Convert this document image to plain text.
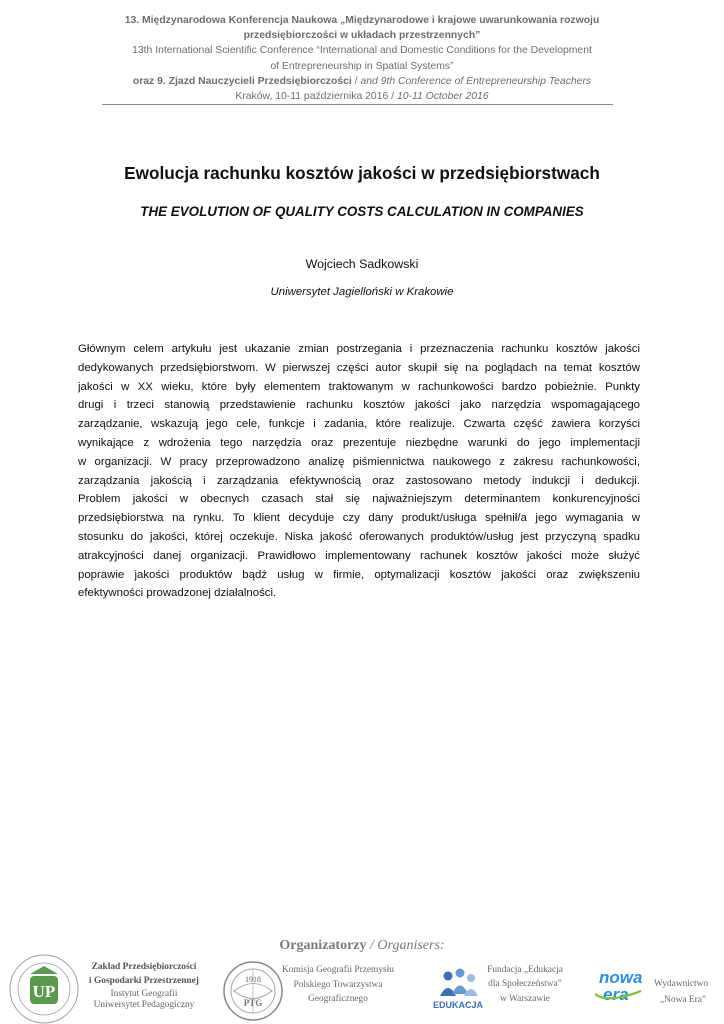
13. Międzynarodowa Konferencja Naukowa „Międzynarodowe i krajowe uwarunkowania rozwoju
przedsiębiorczości w układach przestrzennych”
13th International Scientific Conference “International and Domestic Conditions for the Development
of Entrepreneurship in Spatial Systems”
oraz 9. Zjazd Nauczycieli Przedsiębiorczości / and 9th Conference of Entrepreneurship Teachers
Kraków, 10-11 października 2016 / 10-11 October 2016
Ewolucja rachunku kosztów jakości w przedsiębiorstwach
THE EVOLUTION OF QUALITY COSTS CALCULATION IN COMPANIES
Wojciech Sadkowski
Uniwersytet Jagielloński w Krakowie
Głównym celem artykułu jest ukazanie zmian postrzegania i przeznaczenia rachunku kosztów jakości
dedykowanych przedsiębiorstwom. W pierwszej części autor skupił się na poglądach na temat kosztów
jakości w XX wieku, które były elementem traktowanym w rachunkowości bardzo pobieżnie. Punkty
drugi i trzeci stanowią przedstawienie rachunku kosztów jakości jako narzędzia wspomagającego
zarządzanie, wskazują jego cele, funkcje i zadania, które realizuje. Czwarta część zawiera korzyści
wynikające z wdrożenia tego narzędzia oraz prezentuje niezbędne warunki do jego implementacji
w organizacji. W pracy przeprowadzono analizę piśmiennictwa naukowego z zakresu rachunkowości,
zarządzania jakością i zarządzania efektywnością oraz zastosowano metody indukcji i dedukcji.
Problem jakości w obecnych czasach stał się najważniejszym determinantem konkurencyjności
przedsiębiorstwa na rynku. To klient decyduje czy dany produkt/usługa spełnił/a jego wymagania w
stosunku do jakości, której oczekuje. Niska jakość oferowanych produktów/usług jest przyczyną spadku
atrakcyjności danej organizacji. Prawidłowo implementowany rachunek kosztów jakości może służyć
poprawie jakości produktów bądź usług w firmie, optymalizacji kosztów jakości oraz zwiększeniu
efektywności prowadzonej działalności.
Organizatorzy / Organisers:
UP
Zakład Przedsiębiorczości
i Gospodarki Przestrzennej
Instytut Geografii
Uniwersytet Pedagogiczny
1918
PTG
Komisja Geografii Przemysłu
Polskiego Towarzystwa
Geograficznego
EDUKACJA
Fundacja „Edukacja
dla Społeczeństwa”
w Warszawie
nowa
era
Wydawnictwo
„Nowa Era”
